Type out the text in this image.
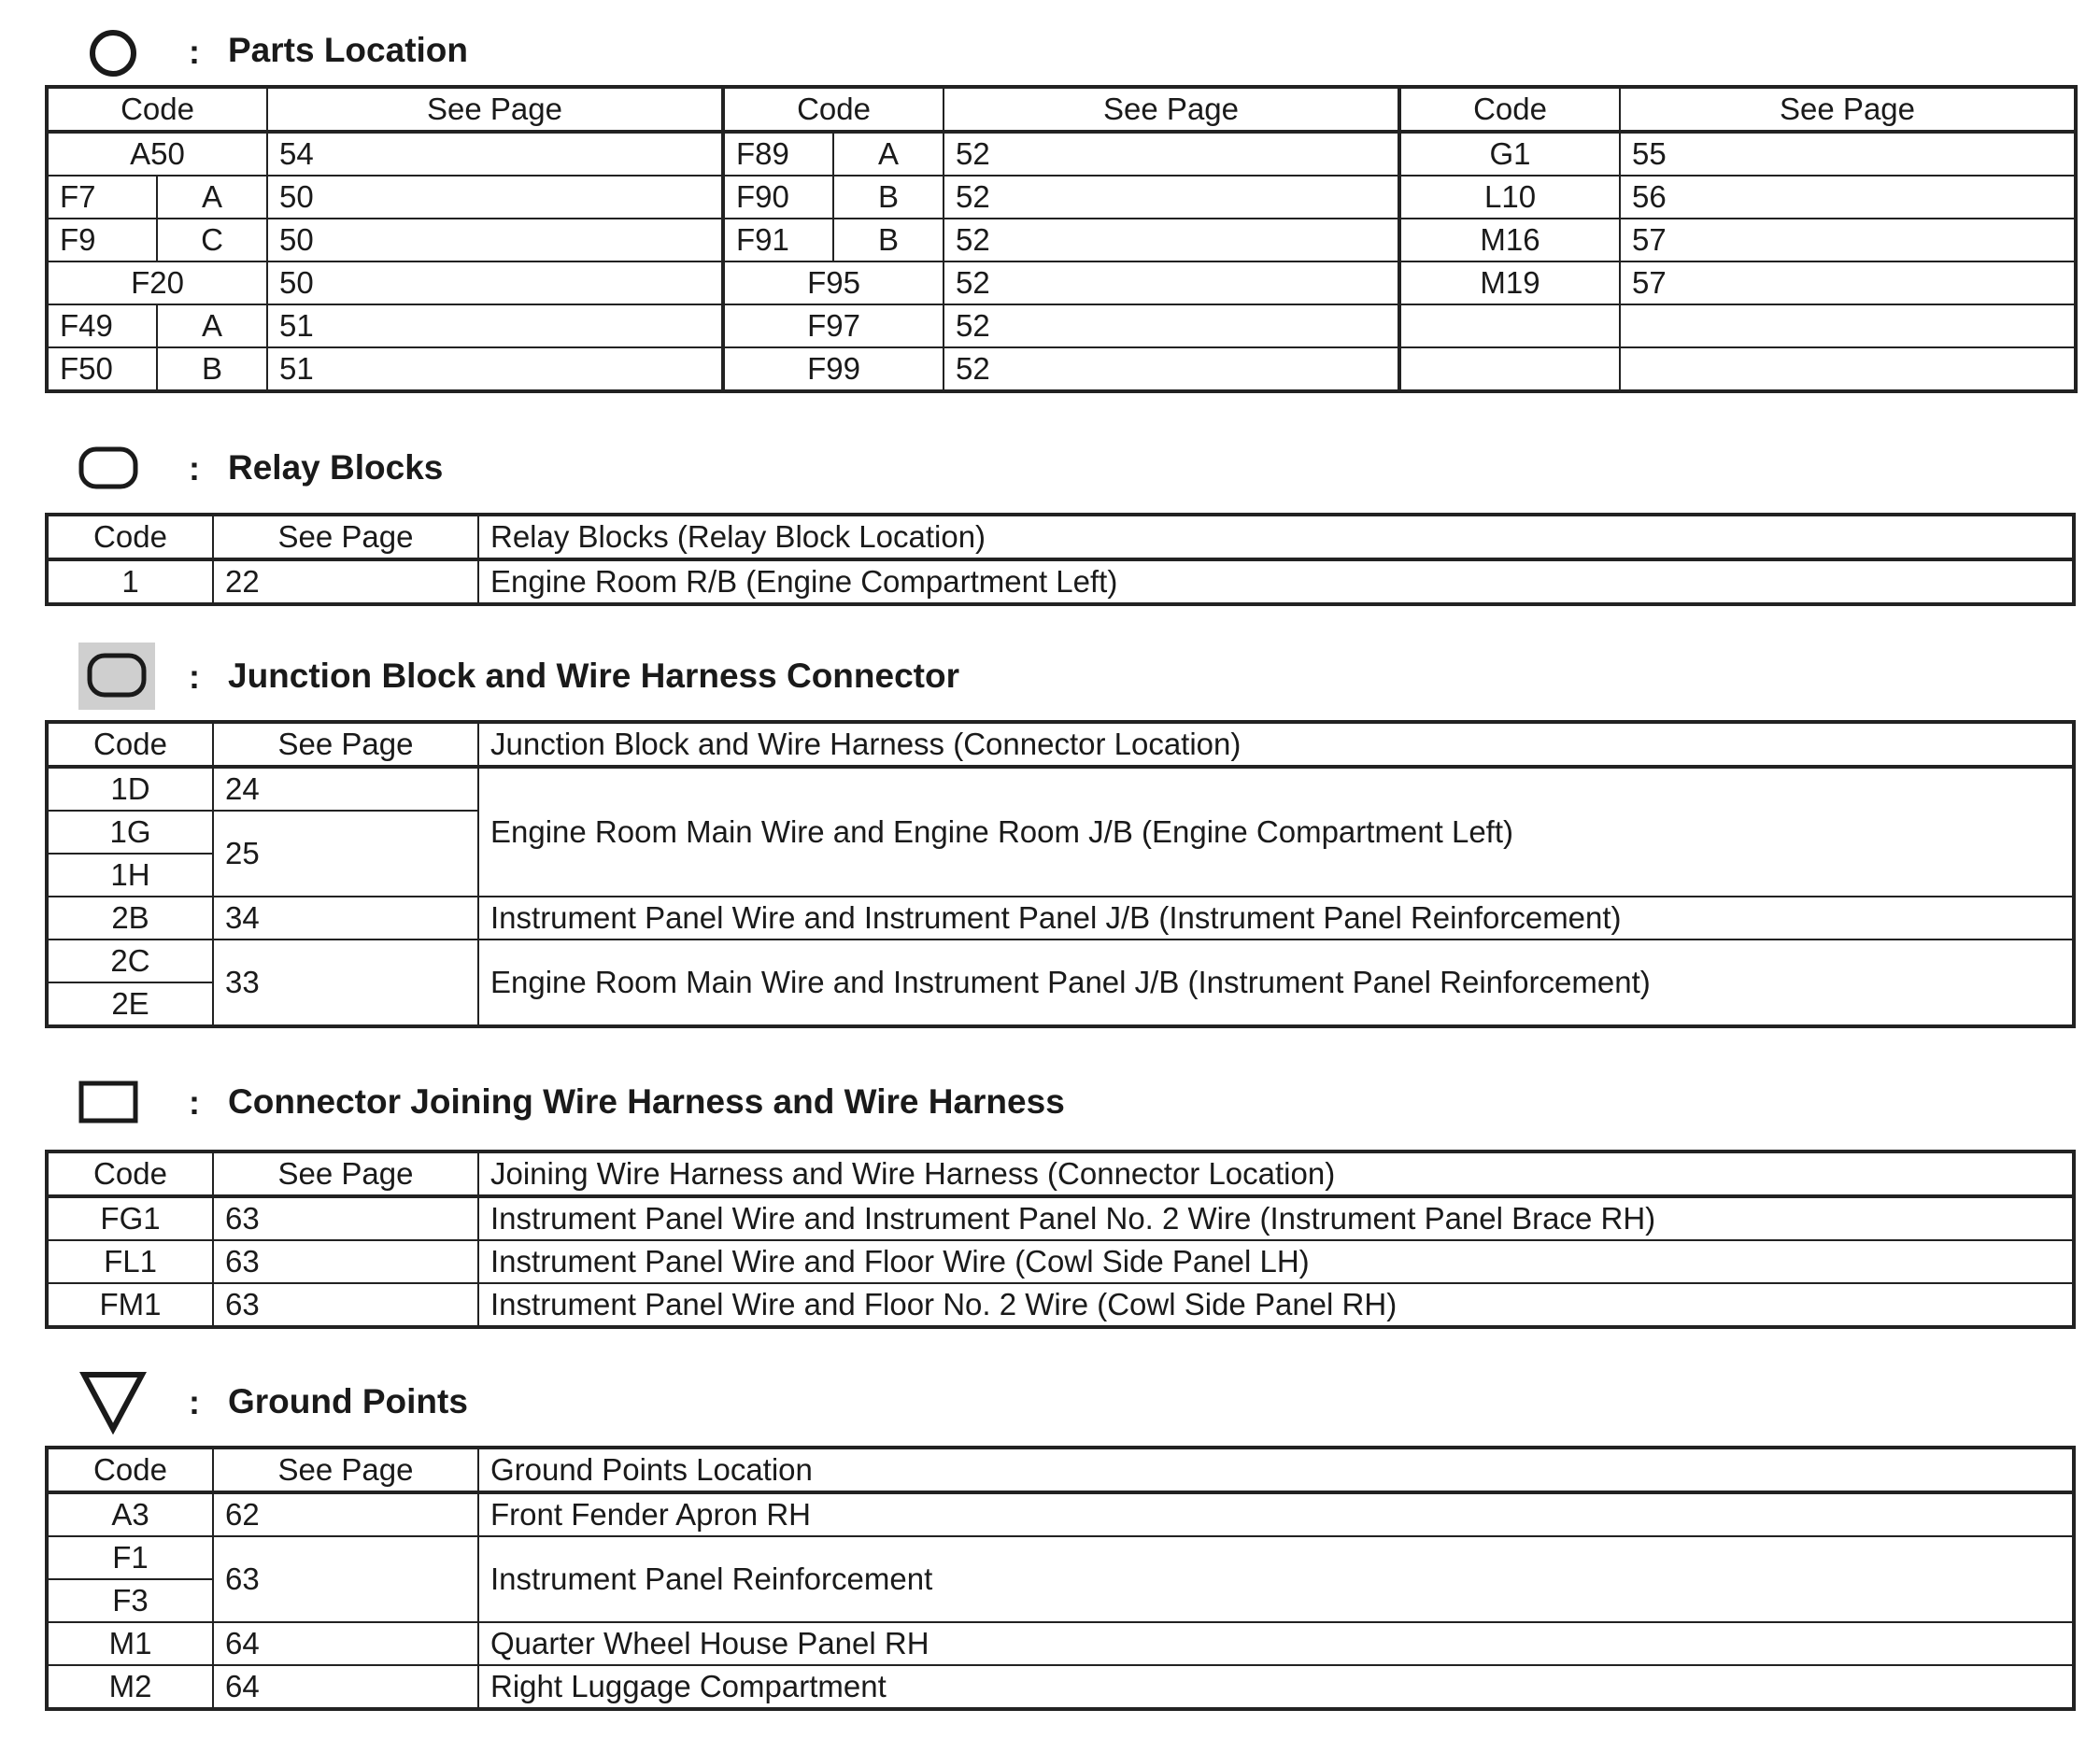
: Parts Location
Code		See Page	Code		See Page	Code	See Page
A50		54	F89	A	52	G1	55
F7	A	50	F90	B	52	L10	56
F9	C	50	F91	B	52	M16	57
F20		50	F95		52	M19	57
F49	A	51	F97		52		
F50	B	51	F99		52		
: Relay Blocks
Code	See Page	Relay Blocks (Relay Block Location)
1	22	Engine Room R/B (Engine Compartment Left)
: Junction Block and Wire Harness Connector
Code	See Page	Junction Block and Wire Harness (Connector Location)
1D	24	Engine Room Main Wire and Engine Room J/B (Engine Compartment Left)
1G	25	
1H		
2B	34	Instrument Panel Wire and Instrument Panel J/B (Instrument Panel Reinforcement)
2C	33	Engine Room Main Wire and Instrument Panel J/B (Instrument Panel Reinforcement)
2E		
: Connector Joining Wire Harness and Wire Harness
Code	See Page	Joining Wire Harness and Wire Harness (Connector Location)
FG1	63	Instrument Panel Wire and Instrument Panel No. 2 Wire (Instrument Panel Brace RH)
FL1	63	Instrument Panel Wire and Floor Wire (Cowl Side Panel LH)
FM1	63	Instrument Panel Wire and Floor No. 2 Wire (Cowl Side Panel RH)
: Ground Points
Code	See Page	Ground Points Location
A3	62	Front Fender Apron RH
F1	63	Instrument Panel Reinforcement
F3		
M1	64	Quarter Wheel House Panel RH
M2	64	Right Luggage Compartment
